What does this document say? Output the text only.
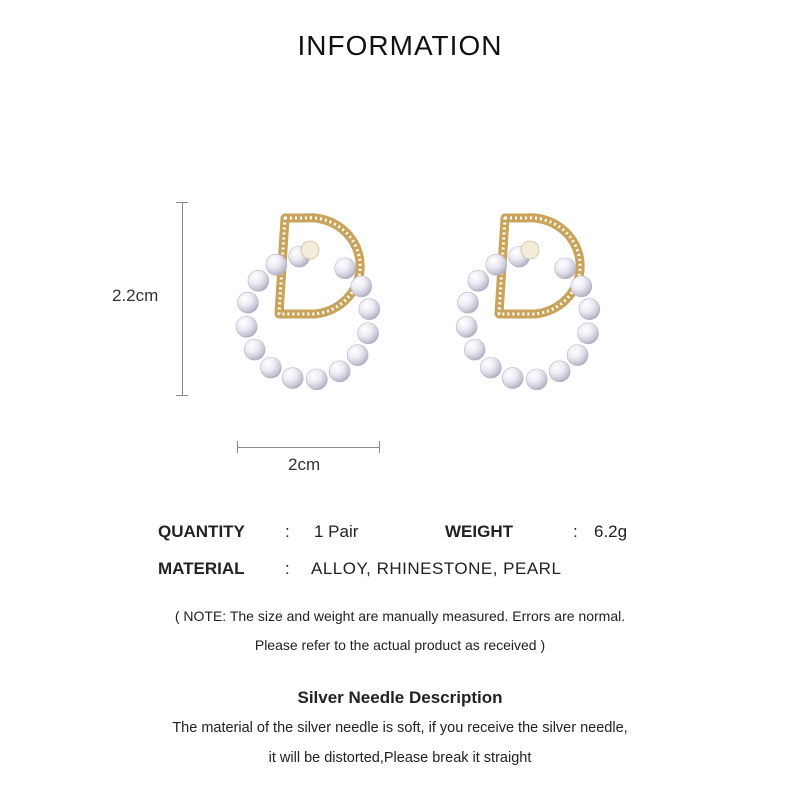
INFORMATION
2.2cm
2cm
QUANTITY : 1 Pair	WEIGHT	: 6.2g
MATERIAL : ALLOY, RHINESTONE, PEARL
( NOTE: The size and weight are manually measured. Errors are normal.
Please refer to the actual product as received )
Silver Needle Description
The material of the silver needle is soft, if you receive the silver needle,
it will be distorted,Please break it straight
